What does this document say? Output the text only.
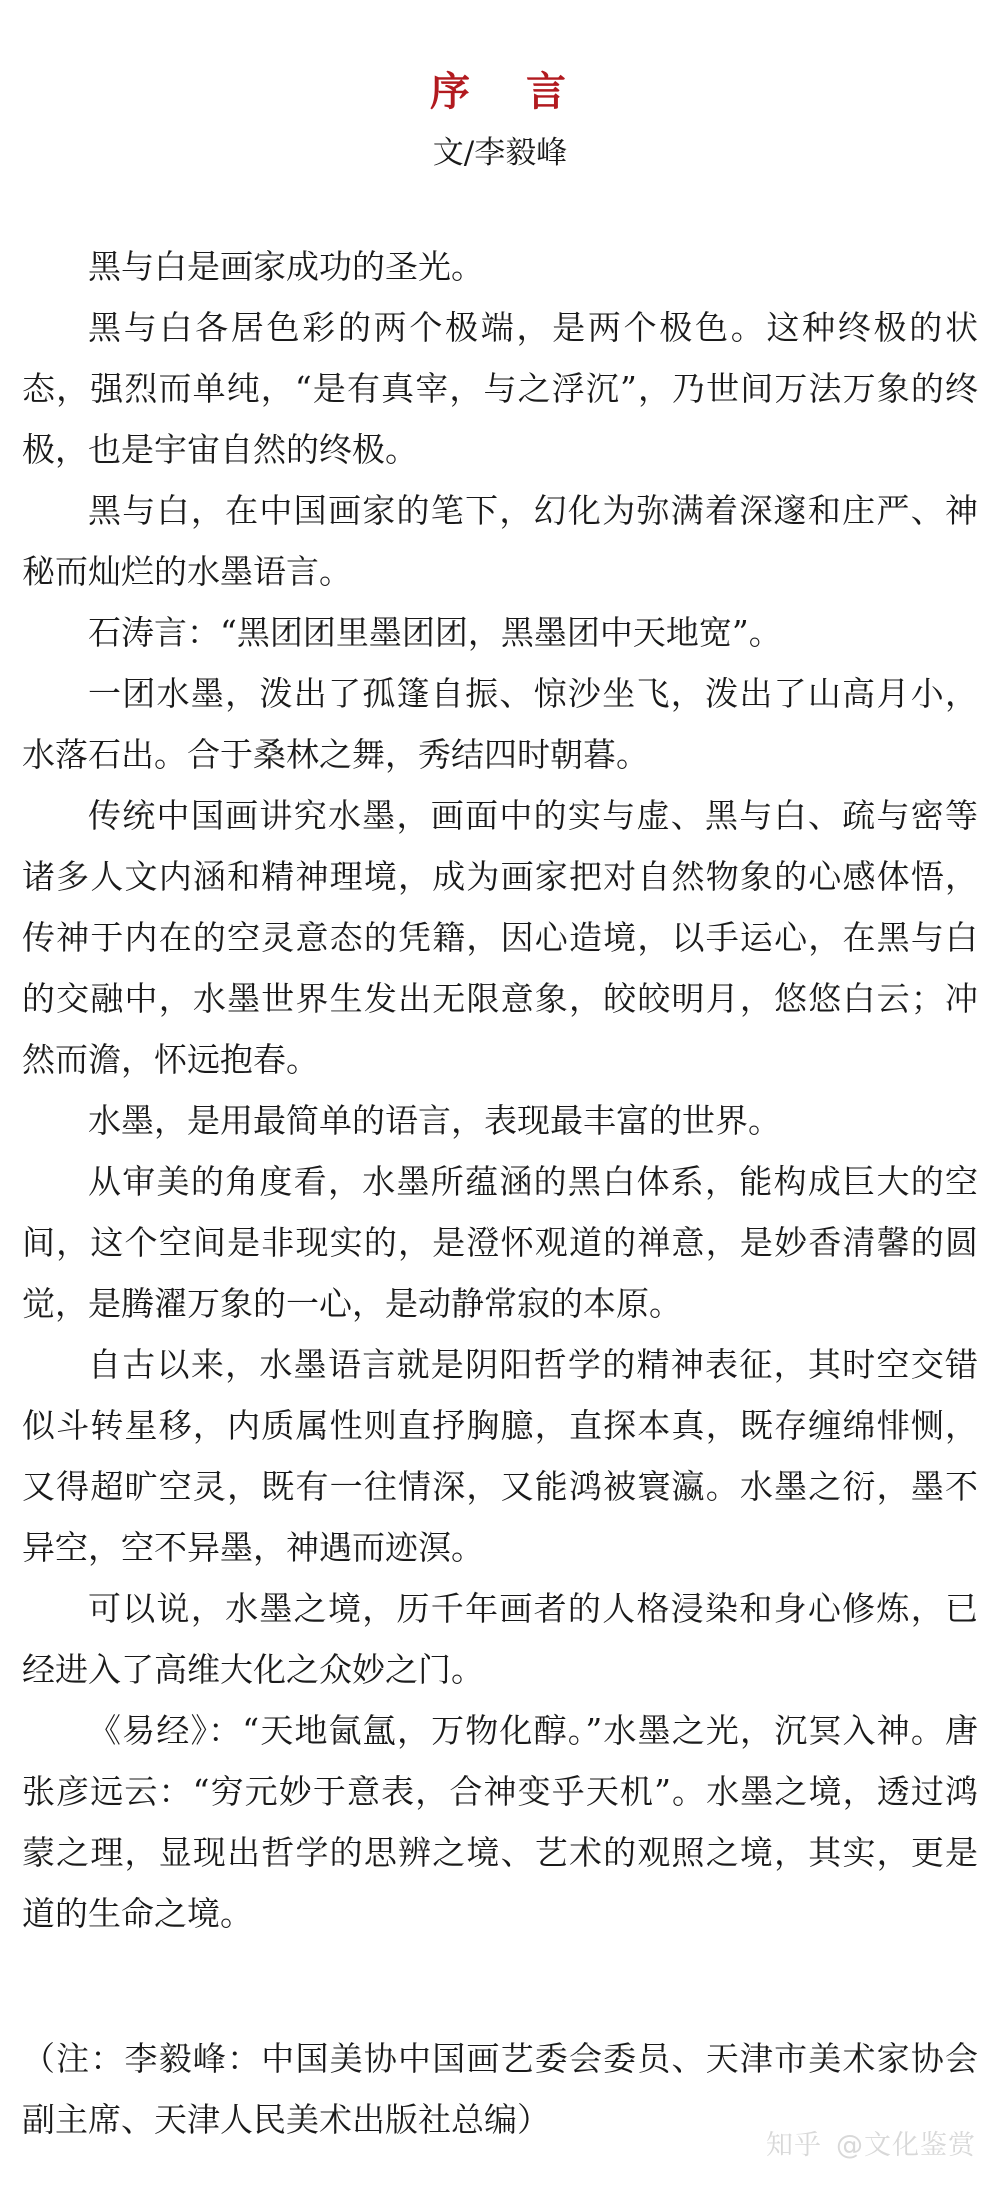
序 言
文/李毅峰

黑与白是画家成功的圣光。

黑与白各居色彩的两个极端，是两个极色。这种终极的状态，强烈而单纯，“是有真宰，与之浮沉”，乃世间万法万象的终极，也是宇宙自然的终极。

黑与白，在中国画家的笔下，幻化为弥满着深邃和庄严、神秘而灿烂的水墨语言。

石涛言：“黑团团里墨团团，黑墨团中天地宽”。

一团水墨，泼出了孤篷自振、惊沙坐飞，泼出了山高月小，水落石出。合于桑林之舞，秀结四时朝暮。

传统中国画讲究水墨，画面中的实与虚、黑与白、疏与密等诸多人文内涵和精神理境，成为画家把对自然物象的心感体悟，传神于内在的空灵意态的凭籍，因心造境，以手运心，在黑与白的交融中，水墨世界生发出无限意象，皎皎明月，悠悠白云；冲然而澹，怀远抱春。

水墨，是用最简单的语言，表现最丰富的世界。

从审美的角度看，水墨所蕴涵的黑白体系，能构成巨大的空间，这个空间是非现实的，是澄怀观道的禅意，是妙香清馨的圆觉，是腾濯万象的一心，是动静常寂的本原。

自古以来，水墨语言就是阴阳哲学的精神表征，其时空交错似斗转星移，内质属性则直抒胸臆，直探本真，既存缠绵悱恻，又得超旷空灵，既有一往情深，又能鸿被寰瀛。水墨之衍，墨不异空，空不异墨，神遇而迹溟。

可以说，水墨之境，历千年画者的人格浸染和身心修炼，已经进入了高维大化之众妙之门。

《易经》：“天地氤氲，万物化醇。”水墨之光，沉冥入神。唐张彦远云：“穷元妙于意表，合神变乎天机”。水墨之境，透过鸿蒙之理，显现出哲学的思辨之境、艺术的观照之境，其实，更是道的生命之境。

（注：李毅峰：中国美协中国画艺委会委员、天津市美术家协会副主席、天津人民美术出版社总编）

知乎 @文化鉴赏
